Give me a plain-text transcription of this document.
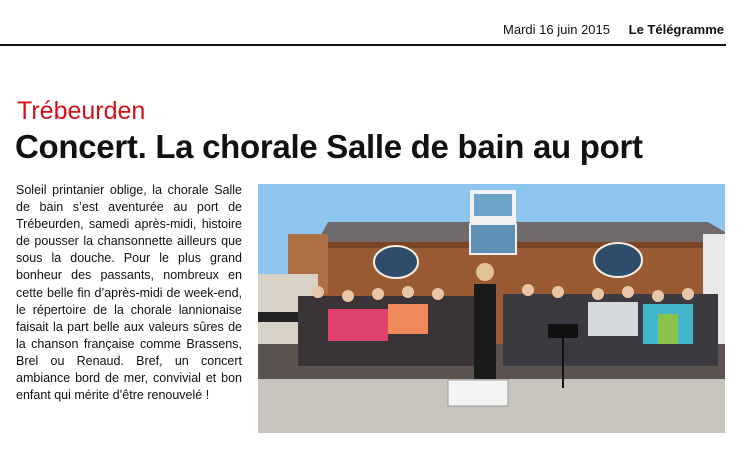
Mardi 16 juin 2015 Le Télégramme
Trébeurden
Concert. La chorale Salle de bain au port

Soleil printanier oblige, la chorale Salle de bain s’est aventurée au port de Trébeurden, samedi après-midi, histoire de pousser la chansonnette ailleurs que sous la douche. Pour le plus grand bonheur des passants, nombreux en cette belle fin d’après-midi de week-end, le répertoire de la chorale lannionaise faisait la part belle aux valeurs sûres de la chanson française comme Brassens, Brel ou Renaud. Bref, un concert ambiance bord de mer, convivial et bon enfant qui mérite d’être renouvelé !
